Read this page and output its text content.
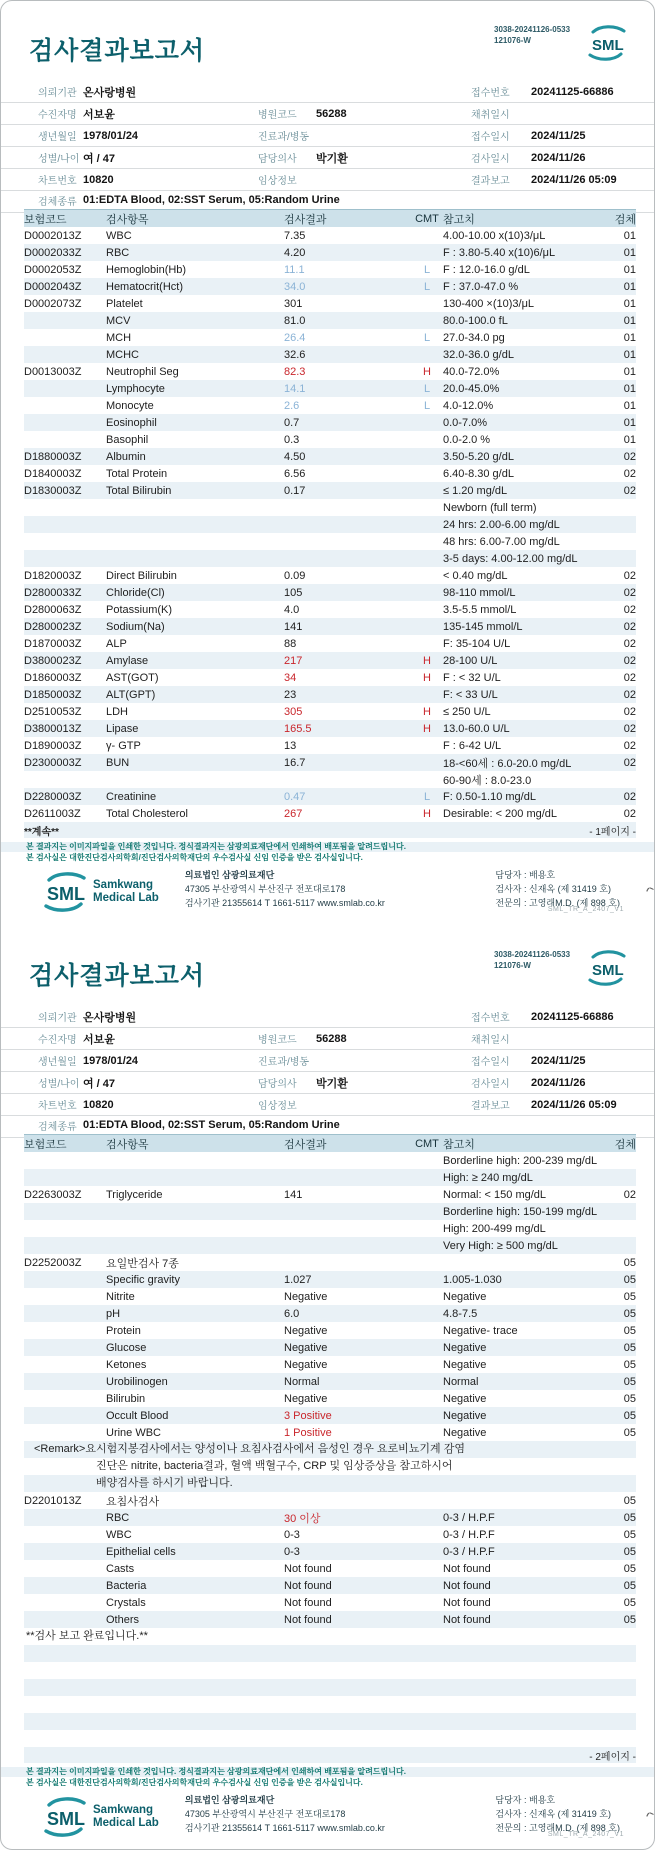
3038-20241126-0533
121076-W
검사결과보고서	SML
의뢰기관 온사랑병원	접수번호	20241125-66886
수진자명 서보윤	병원코드	56288	채취일시
생년월일 1978/01/24	진료과/병동	접수일시	2024/11/25
성별/나이 여 / 47	담당의사	박기환	검사일시	2024/11/26
차트번호 10820	임상정보	결과보고	2024/11/26 05:09
검체종류 01:EDTA Blood, 02:SST Serum, 05:Random Urine
보험코드	검사항목	검사결과	CMT 참고치	검체
D0002013Z	WBC	7.35	4.00-10.00 x(10)3/μL	01
D0002033Z	RBC	4.20	F : 3.80-5.40 x(10)6/μL	01
D0002053Z	Hemoglobin(Hb)	11.1	L	F : 12.0-16.0 g/dL	01
D0002043Z	Hematocrit(Hct)	34.0	L	F : 37.0-47.0 %	01
D0002073Z	Platelet	301	130-400 ×(10)3/μL	01
MCV	81.0	80.0-100.0 fL	01
MCH	26.4	L	27.0-34.0 pg	01
MCHC	32.6	32.0-36.0 g/dL	01
D0013003Z	Neutrophil Seg	82.3	H	40.0-72.0%	01
Lymphocyte	14.1	L	20.0-45.0%	01
Monocyte	2.6	L	4.0-12.0%	01
Eosinophil	0.7	0.0-7.0%	01
Basophil	0.3	0.0-2.0 %	01
D1880003Z	Albumin	4.50	3.50-5.20 g/dL	02
D1840003Z	Total Protein	6.56	6.40-8.30 g/dL	02
D1830003Z	Total Bilirubin	0.17	≤ 1.20 mg/dL	02
Newborn (full term)
24 hrs: 2.00-6.00 mg/dL
48 hrs: 6.00-7.00 mg/dL
3-5 days: 4.00-12.00 mg/dL
D1820003Z	Direct Bilirubin	0.09	< 0.40 mg/dL	02
D2800033Z	Chloride(Cl)	105	98-110 mmol/L	02
D2800063Z	Potassium(K)	4.0	3.5-5.5 mmol/L	02
D2800023Z	Sodium(Na)	141	135-145 mmol/L	02
D1870003Z	ALP	88	F: 35-104 U/L	02
D3800023Z	Amylase	217	H	28-100 U/L	02
D1860003Z	AST(GOT)	34	H	F : < 32 U/L	02
D1850003Z	ALT(GPT)	23	F: < 33 U/L	02
D2510053Z	LDH	305	H	≤ 250 U/L	02
D3800013Z	Lipase	165.5	H	13.0-60.0 U/L	02
D1890003Z	γ- GTP	13	F : 6-42 U/L	02
D2300003Z	BUN	16.7	18-<60세 : 6.0-20.0 mg/dL	02
60-90세 : 8.0-23.0
D2280003Z	Creatinine	0.47	L	F: 0.50-1.10 mg/dL	02
D2611003Z	Total Cholesterol	267	H	Desirable: < 200 mg/dL	02
**계속**	- 1페이지 -
본 결과지는 이미지파일을 인쇄한 것입니다. 정식결과지는 삼광의료재단에서 인쇄하여 배포됨을 알려드립니다.
본 검사실은 대한진단검사의학회/진단검사의학재단의 우수검사실 신임 인증을 받은 검사실입니다.
SML Samkwang
Medical Lab
의료법인 삼광의료재단
47305 부산광역시 부산진구 전포대로178
검사기관 21355614 T 1661-5117 www.smlab.co.kr
담당자 : 배용호
검사자 : 신재옥 (제 31419 호)
전문의 : 고영래M.D. (제 898 호)
SML_TR_A_2407_V1
3038-20241126-0533
121076-W
검사결과보고서	SML
의뢰기관 온사랑병원	접수번호	20241125-66886
수진자명 서보윤	병원코드	56288	채취일시
생년월일 1978/01/24	진료과/병동	접수일시	2024/11/25
성별/나이 여 / 47	담당의사	박기환	검사일시	2024/11/26
차트번호 10820	임상정보	결과보고	2024/11/26 05:09
검체종류 01:EDTA Blood, 02:SST Serum, 05:Random Urine
보험코드	검사항목	검사결과	CMT 참고치	검체
Borderline high: 200-239 mg/dL
High: ≥ 240 mg/dL
D2263003Z	Triglyceride	141	Normal: < 150 mg/dL	02
Borderline high: 150-199 mg/dL
High: 200-499 mg/dL
Very High: ≥ 500 mg/dL
D2252003Z	요일반검사 7종	05
Specific gravity	1.027	1.005-1.030	05
Nitrite	Negative	Negative	05
pH	6.0	4.8-7.5	05
Protein	Negative	Negative- trace	05
Glucose	Negative	Negative	05
Ketones	Negative	Negative	05
Urobilinogen	Normal	Normal	05
Bilirubin	Negative	Negative	05
Occult Blood	3 Positive	Negative	05
Urine WBC	1 Positive	Negative	05
<Remark>요시험지봉검사에서는 양성이나 요침사검사에서 음성인 경우 요로비뇨기계 감염
진단은 nitrite, bacteria결과, 혈액 백혈구수, CRP 및 임상증상을 참고하시어
배양검사를 하시기 바랍니다.
D2201013Z	요침사검사	05
RBC	30 이상	0-3 / H.P.F	05
WBC	0-3	0-3 / H.P.F	05
Epithelial cells	0-3	0-3 / H.P.F	05
Casts	Not found	Not found	05
Bacteria	Not found	Not found	05
Crystals	Not found	Not found	05
Others	Not found	Not found	05
**검사 보고 완료입니다.**
- 2페이지 -
본 결과지는 이미지파일을 인쇄한 것입니다. 정식결과지는 삼광의료재단에서 인쇄하여 배포됨을 알려드립니다.
본 검사실은 대한진단검사의학회/진단검사의학재단의 우수검사실 신임 인증을 받은 검사실입니다.
SML Samkwang
Medical Lab
의료법인 삼광의료재단
47305 부산광역시 부산진구 전포대로178
검사기관 21355614 T 1661-5117 www.smlab.co.kr
담당자 : 배용호
검사자 : 신재옥 (제 31419 호)
전문의 : 고영래M.D. (제 898 호)
SML_TR_A_2407_V1
